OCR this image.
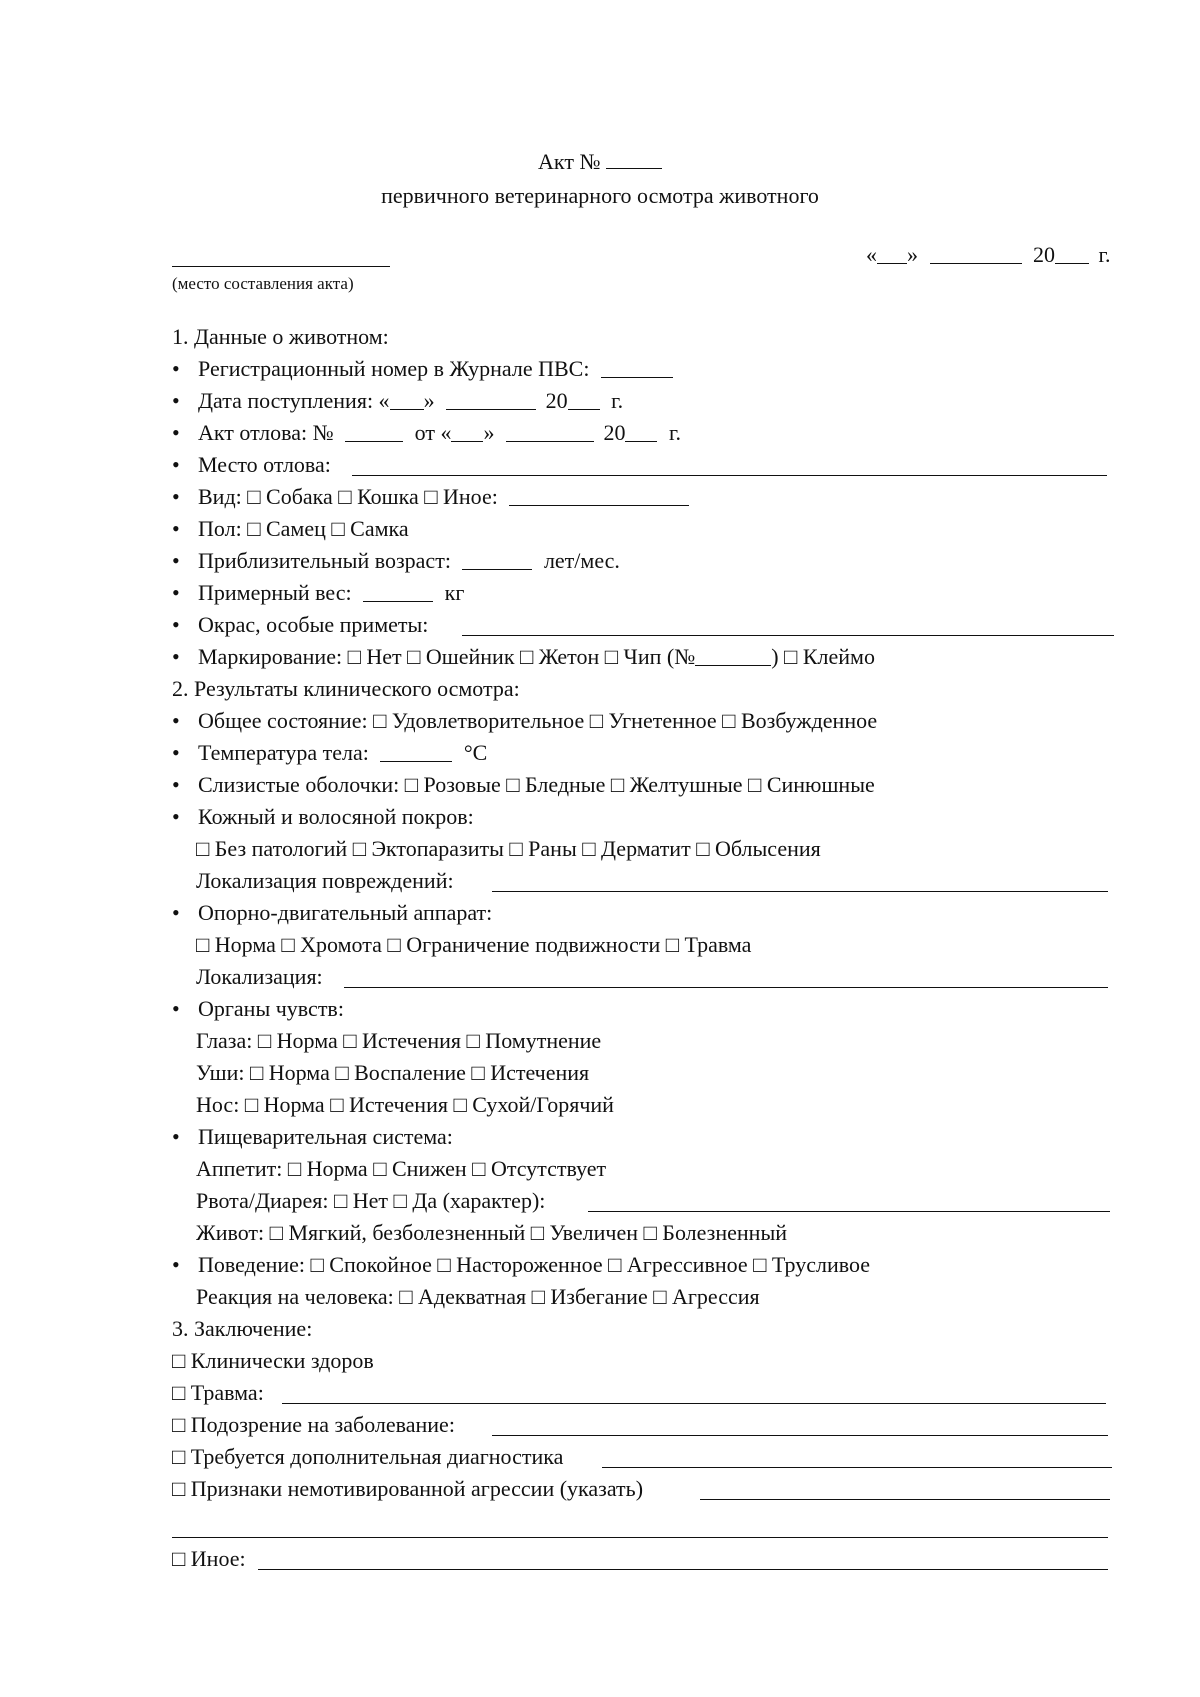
Акт №
первичного ветеринарного осмотра животного
(место составления акта)
« »	20 г.
1. Данные о животном:
• Регистрационный номер в Журнале ПВС:
• Дата поступления: « »	20 г.
• Акт отлова: №	от « »	20 г.
• Место отлова:
• Вид: □ Собака □ Кошка □ Иное:
• Пол: □ Самец □ Самка
• Приблизительный возраст:	лет/мес.
• Примерный вес:	кг
• Окрас, особые приметы:
• Маркирование: □ Нет □ Ошейник □ Жетон □ Чип (№	) □ Клеймо
2. Результаты клинического осмотра:
• Общее состояние: □ Удовлетворительное □ Угнетенное □ Возбужденное
• Температура тела:	°C
• Слизистые оболочки: □ Розовые □ Бледные □ Желтушные □ Синюшные
• Кожный и волосяной покров:
□ Без патологий □ Эктопаразиты □ Раны □ Дерматит □ Облысения
Локализация повреждений:
• Опорно-двигательный аппарат:
□ Норма □ Хромота □ Ограничение подвижности □ Травма
Локализация:
• Органы чувств:
Глаза: □ Норма □ Истечения □ Помутнение
Уши: □ Норма □ Воспаление □ Истечения
Нос: □ Норма □ Истечения □ Сухой/Горячий
• Пищеварительная система:
Аппетит: □ Норма □ Снижен □ Отсутствует
Рвота/Диарея: □ Нет □ Да (характер):
Живот: □ Мягкий, безболезненный □ Увеличен □ Болезненный
• Поведение: □ Спокойное □ Настороженное □ Агрессивное □ Трусливое
Реакция на человека: □ Адекватная □ Избегание □ Агрессия
3. Заключение:
□ Клинически здоров
□ Травма:
□ Подозрение на заболевание:
□ Требуется дополнительная диагностика
□ Признаки немотивированной агрессии (указать)
□ Иное:
